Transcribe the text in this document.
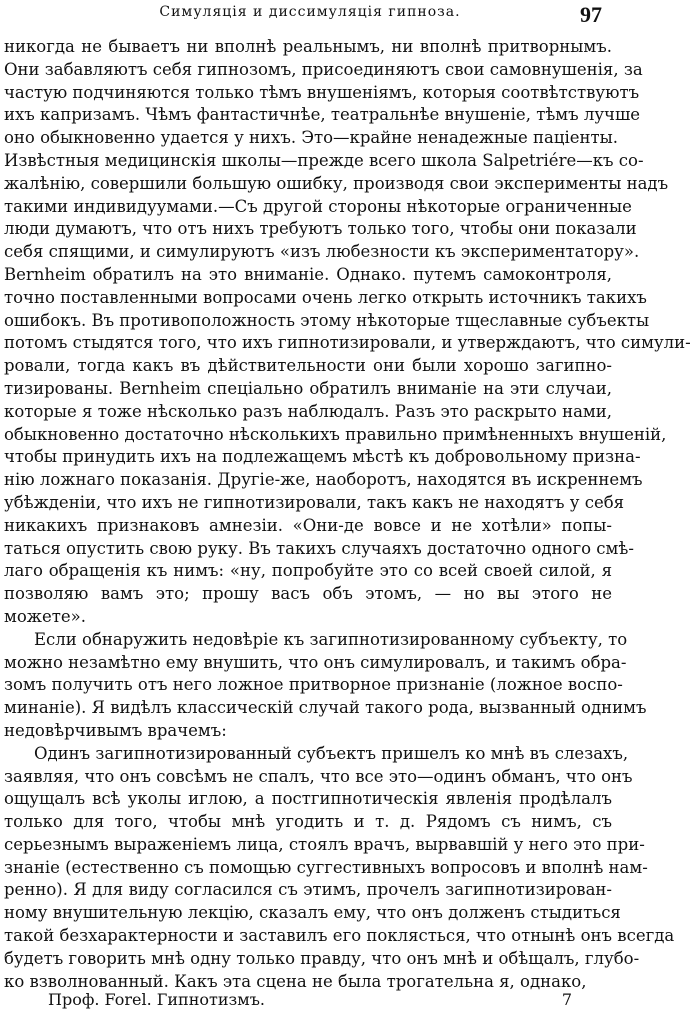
Симуляція и диссимуляція гипноза.	97
никогда не бываетъ ни вполнѣ реальнымъ, ни вполнѣ притворнымъ.
Они забавляютъ себя гипнозомъ, присоединяютъ свои самовнушенія, за
частую подчиняются только тѣмъ внушеніямъ, которыя соотвѣтствуютъ
ихъ капризамъ. Чѣмъ фантастичнѣе, театральнѣе внушеніе, тѣмъ лучше
оно обыкновенно удается у нихъ. Это—крайне ненадежные паціенты.
Извѣстныя медицинскія школы—прежде всего школа Salpetriére—къ со-
жалѣнію, совершили большую ошибку, производя свои эксперименты надъ
такими индивидуумами.—Съ другой стороны нѣкоторые ограниченные
люди думаютъ, что отъ нихъ требуютъ только того, чтобы они показали
себя спящими, и симулируютъ «изъ любезности къ экспериментатору».
Bernheim обратилъ на это вниманіе. Однако. путемъ самоконтроля,
точно поставленными вопросами очень легко открыть источникъ такихъ
ошибокъ. Въ противоположность этому нѣкоторые тщеславные субъекты
потомъ стыдятся того, что ихъ гипнотизировали, и утверждаютъ, что симули-
ровали, тогда какъ въ дѣйствительности они были хорошо загипно-
тизированы. Bernheim спеціально обратилъ вниманіе на эти случаи,
которые я тоже нѣсколько разъ наблюдалъ. Разъ это раскрыто нами,
обыкновенно достаточно нѣсколькихъ правильно примѣненныхъ внушеній,
чтобы принудить ихъ на подлежащемъ мѣстѣ къ добровольному призна-
нію ложнаго показанія. Другіе-же, наоборотъ, находятся въ искреннемъ
убѣжденіи, что ихъ не гипнотизировали, такъ какъ не находятъ у себя
никакихъ признаковъ амнезіи. «Они-де вовсе и не хотѣли» попы-
таться опустить свою руку. Въ такихъ случаяхъ достаточно одного смѣ-
лаго обращенія къ нимъ: «ну, попробуйте это со всей своей силой, я
позволяю вамъ это; прошу васъ объ этомъ, — но вы этого не
можете».
Если обнаружить недовѣріе къ загипнотизированному субъекту, то
можно незамѣтно ему внушить, что онъ симулировалъ, и такимъ обра-
зомъ получить отъ него ложное притворное признаніе (ложное воспо-
минаніе). Я видѣлъ классическій случай такого рода, вызванный однимъ
недовѣрчивымъ врачемъ:
Одинъ загипнотизированный субъектъ пришелъ ко мнѣ въ слезахъ,
заявляя, что онъ совсѣмъ не спалъ, что все это—одинъ обманъ, что онъ
ощущалъ всѣ уколы иглою, а постгипнотическія явленія продѣлалъ
только для того, чтобы мнѣ угодить и т. д. Рядомъ съ нимъ, съ
серьезнымъ выраженіемъ лица, стоялъ врачъ, вырвавшій у него это при-
знаніе (естественно съ помощью суггестивныхъ вопросовъ и вполнѣ нам-
ренно). Я для виду согласился съ этимъ, прочелъ загипнотизирован-
ному внушительную лекцію, сказалъ ему, что онъ долженъ стыдиться
такой безхарактерности и заставилъ его поклясться, что отнынѣ онъ всегда
будетъ говорить мнѣ одну только правду, что онъ мнѣ и обѣщалъ, глубо-
ко взволнованный. Какъ эта сцена не была трогательна я, однако,
Проф. Forel. Гипнотизмъ.	7
